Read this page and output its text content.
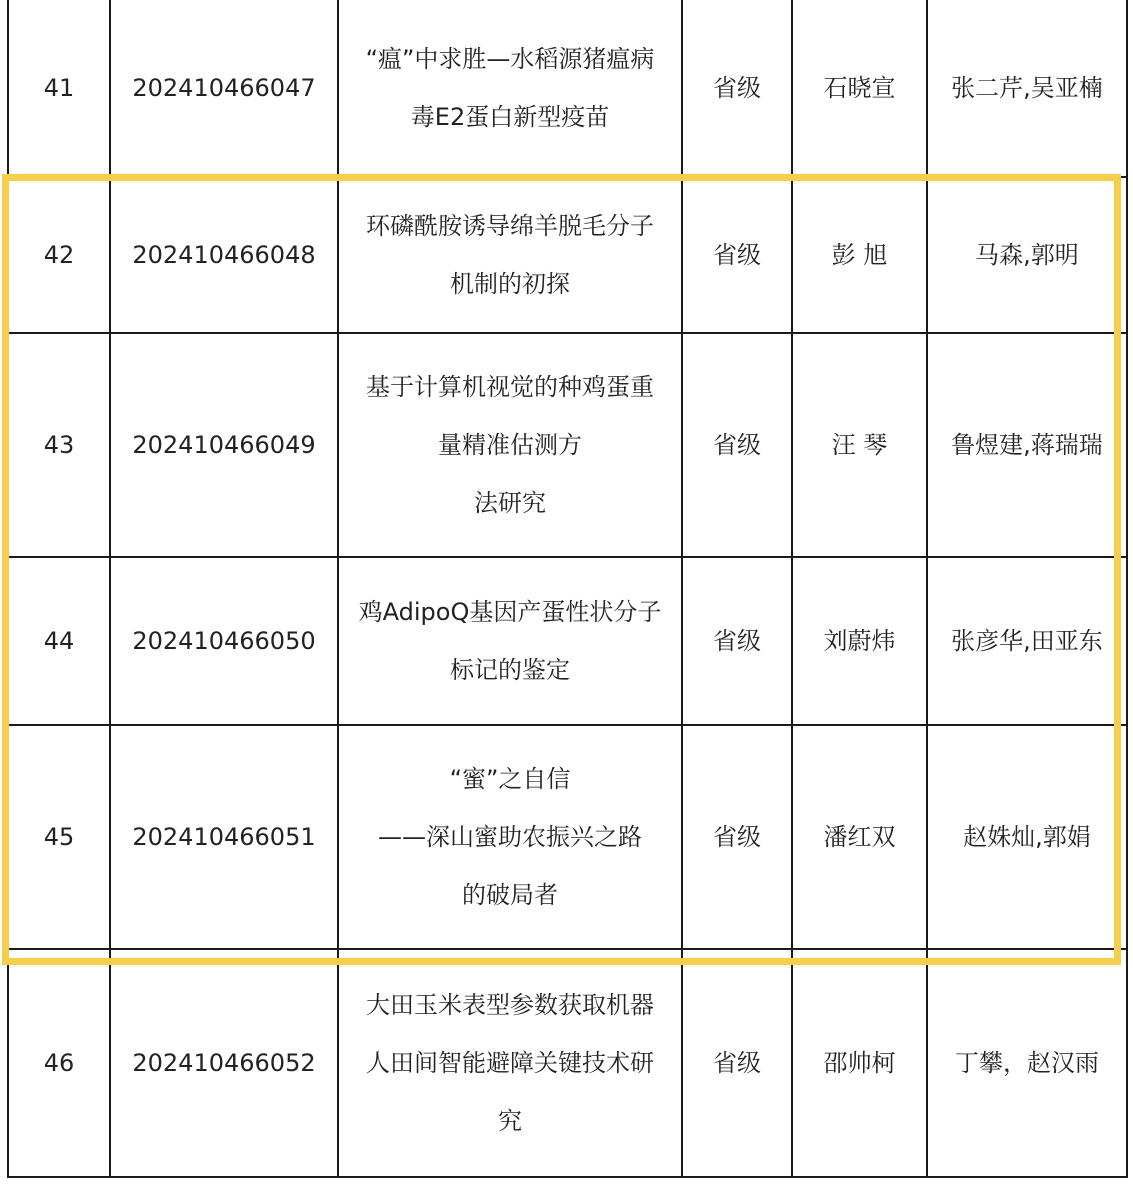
41	202410466047	“瘟”中求胜—水稻源猪瘟病
毒E2蛋白新型疫苗	省级	石晓宣	张二芹,吴亚楠
42	202410466048	环磷酰胺诱导绵羊脱毛分子
机制的初探	省级	彭 旭	马森,郭明
43	202410466049	基于计算机视觉的种鸡蛋重
量精准估测方
法研究	省级	汪 琴	鲁煜建,蒋瑞瑞
44	202410466050	鸡AdipoQ基因产蛋性状分子
标记的鉴定	省级	刘蔚炜	张彦华,田亚东
45	202410466051	“蜜”之自信
——深山蜜助农振兴之路
的破局者	省级	潘红双	赵姝灿,郭娟
46	202410466052	大田玉米表型参数获取机器
人田间智能避障关键技术研
究	省级	邵帅柯	丁攀，赵汉雨
